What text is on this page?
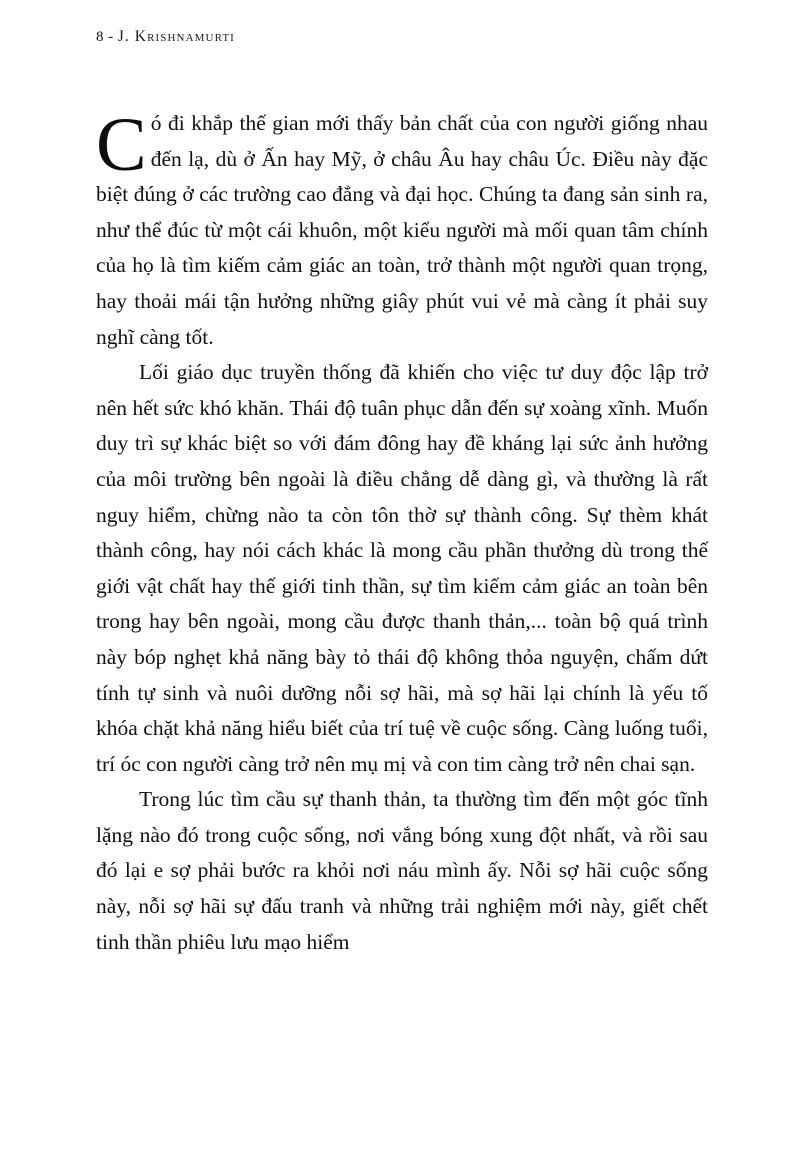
8 - J. Krishnamurti

Có đi khắp thế gian mới thấy bản chất của con người giống nhau đến lạ, dù ở Ấn hay Mỹ, ở châu Âu hay châu Úc. Điều này đặc biệt đúng ở các trường cao đẳng và đại học. Chúng ta đang sản sinh ra, như thể đúc từ một cái khuôn, một kiểu người mà mối quan tâm chính của họ là tìm kiếm cảm giác an toàn, trở thành một người quan trọng, hay thoải mái tận hưởng những giây phút vui vẻ mà càng ít phải suy nghĩ càng tốt.

Lối giáo dục truyền thống đã khiến cho việc tư duy độc lập trở nên hết sức khó khăn. Thái độ tuân phục dẫn đến sự xoàng xĩnh. Muốn duy trì sự khác biệt so với đám đông hay đề kháng lại sức ảnh hưởng của môi trường bên ngoài là điều chẳng dễ dàng gì, và thường là rất nguy hiểm, chừng nào ta còn tôn thờ sự thành công. Sự thèm khát thành công, hay nói cách khác là mong cầu phần thưởng dù trong thế giới vật chất hay thế giới tinh thần, sự tìm kiếm cảm giác an toàn bên trong hay bên ngoài, mong cầu được thanh thản,... toàn bộ quá trình này bóp nghẹt khả năng bày tỏ thái độ không thỏa nguyện, chấm dứt tính tự sinh và nuôi dưỡng nỗi sợ hãi, mà sợ hãi lại chính là yếu tố khóa chặt khả năng hiểu biết của trí tuệ về cuộc sống. Càng luống tuổi, trí óc con người càng trở nên mụ mị và con tim càng trở nên chai sạn.

Trong lúc tìm cầu sự thanh thản, ta thường tìm đến một góc tĩnh lặng nào đó trong cuộc sống, nơi vắng bóng xung đột nhất, và rồi sau đó lại e sợ phải bước ra khỏi nơi náu mình ấy. Nỗi sợ hãi cuộc sống này, nỗi sợ hãi sự đấu tranh và những trải nghiệm mới này, giết chết tinh thần phiêu lưu mạo hiểm
